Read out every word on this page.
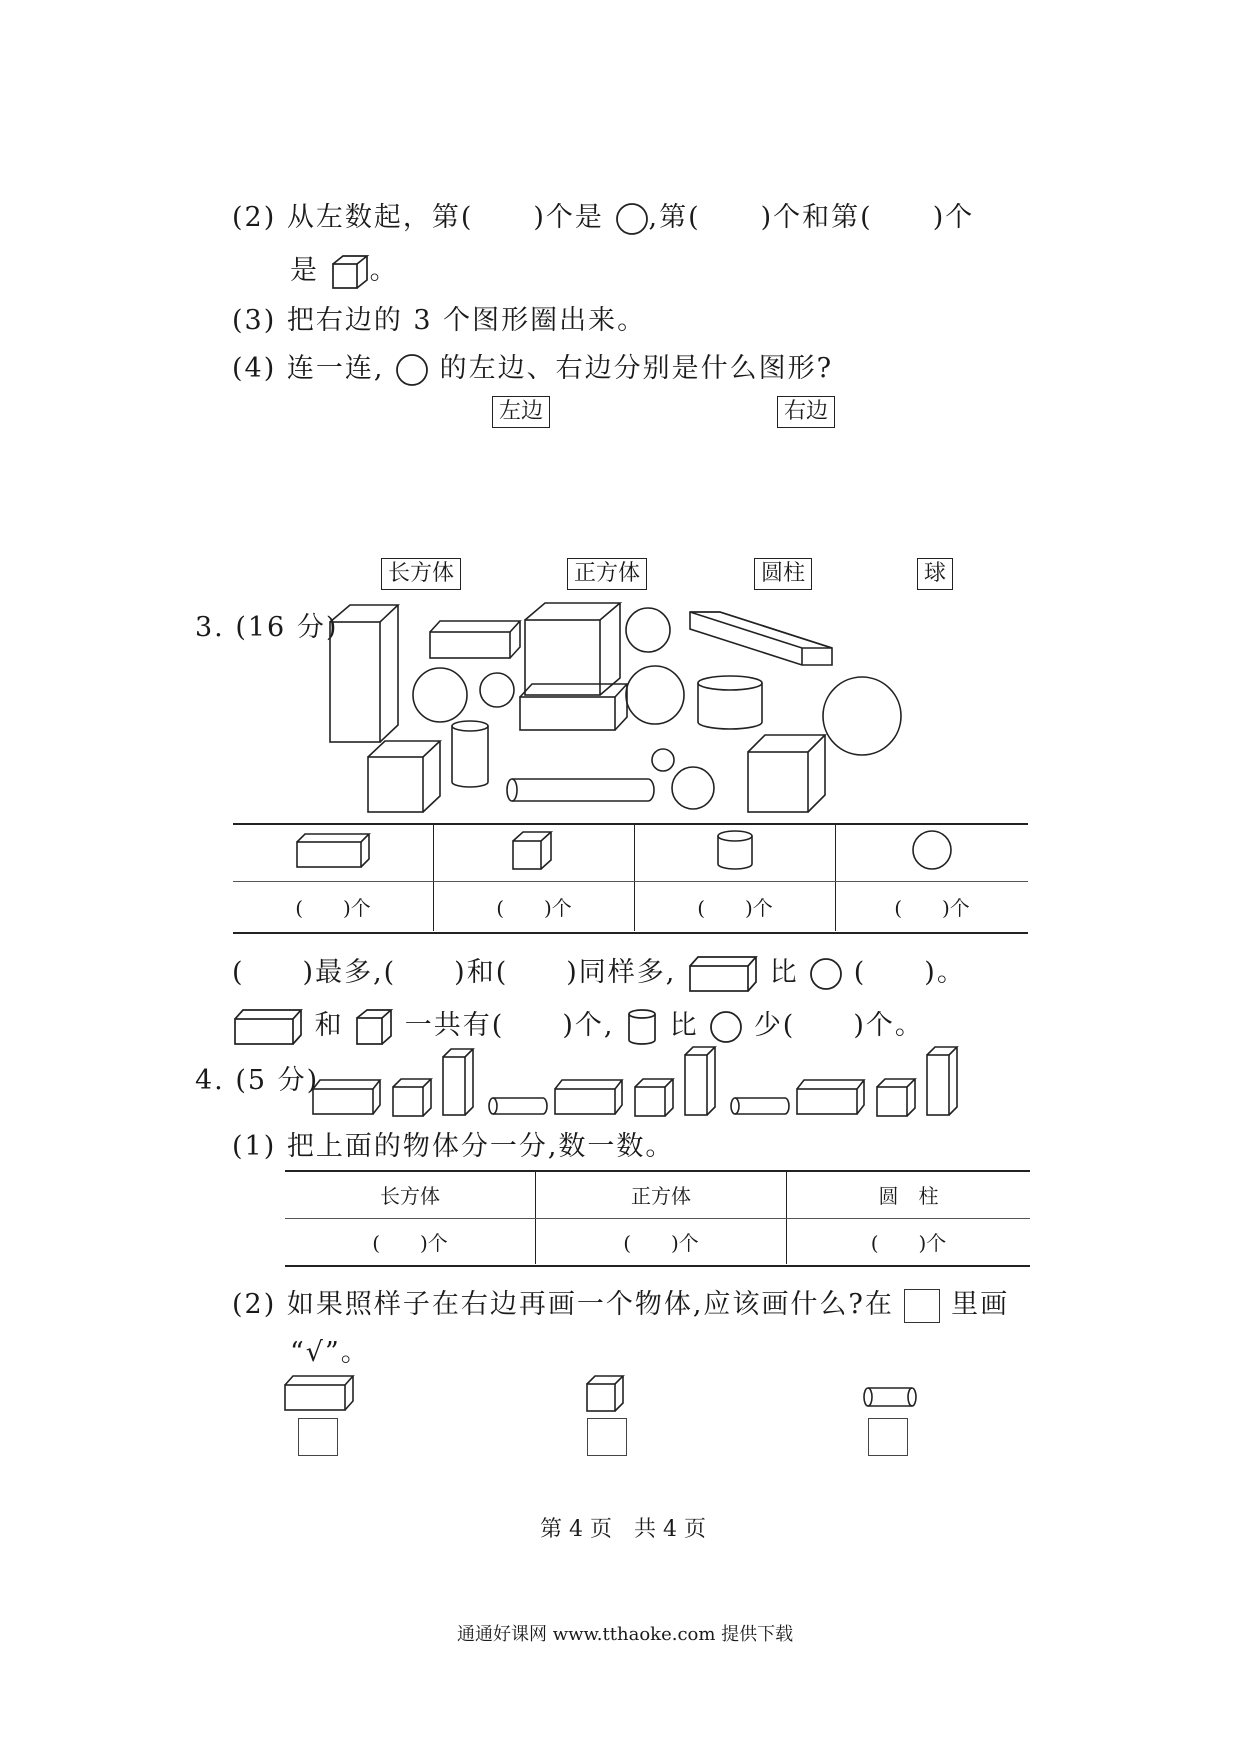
(2) 从左数起，第( )个是 ,第( )个和第( )个
是 。
(3) 把右边的 3 个图形圈出来。
(4) 连一连, 的左边、右边分别是什么图形?
左边	右边
长方体	正方体	圆柱	球
3. (16 分)

(　　)个	(　　)个	(　　)个	(　　)个
(　　)最多,(　　)和(　　)同样多,	比 (　　)。
和 一共有(　　)个, 比 少(　　)个。
4. (5 分)
(1) 把上面的物体分一分,数一数。
长方体	正方体	圆　柱
(　　)个	(　　)个	(　　)个
(2) 如果照样子在右边再画一个物体,应该画什么?在 里画
“√”。
第 4 页　共 4 页
通通好课网 www.tthaoke.com 提供下载
